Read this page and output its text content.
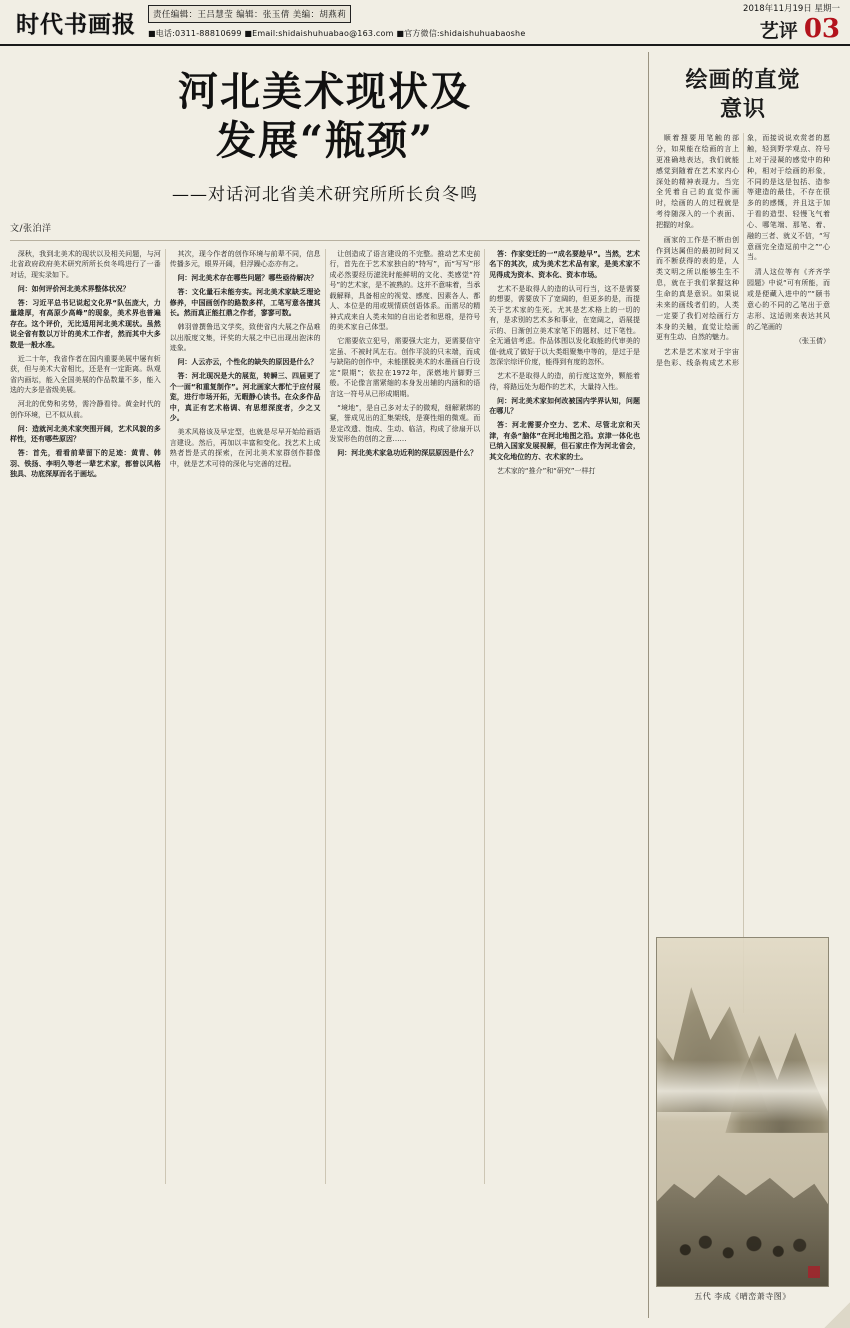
时代书画报	责任编辑：王吕慧莹 编辑：张玉倩 美编：胡燕莉
■电话:0311-88810699 ■Email:shidaishuhuabao@163.com ■官方微信:shidaishuhuabaoshe
2018年11月19日 星期一
艺评 03
河北美术现状及
发展“瓶颈”
——对话河北省美术研究所所长贠冬鸣
文/张泊洋

深秋，我到北美术的现状以及相关问题，与河北省政府政府美术研究所所长贠冬鸣进行了一番对话，现实录如下。

问：如何评价河北美术界整体状况？

答：习近平总书记说起文化界“队伍庞大，力量雄厚，有高原少高峰”的现象，美术界也普遍存在。这个评价，无比适用河北美术现状。虽然说全省有数以万计的美术工作者，然而其中大多数是一般水准。

近二十年，我省作者在国内重要美展中屡有斩获，但与美术大省相比，还是有一定距离。纵观省内画坛，能入全国美展的作品数量不多，能入选的大多是省级美展。

河北的优势和劣势，需冷静看待。黄金时代的创作环境，已不似从前。

问：造就河北美术家突围开阔，艺术风貌的多样性，还有哪些原因？

答：首先，看看前辈留下的足迹：黄胄、韩羽、铁扬、李明久等老一辈艺术家，都曾以风格独具、功底深厚而名于画坛。

其次，现今作者的创作环境与前辈不同，信息传播多元，眼界开阔，但浮躁心态亦有之。

问：河北美术存在哪些问题？哪些亟待解决？

答：文化量石未能夯实。河北美术家缺乏理论修养，中国画创作的路数多样，工笔写意各擅其长。然而真正能扛鼎之作者，寥寥可数。

韩羽曾撰鲁迅文学奖，致使省内大展之作品难以出版度文集，评奖的大展之中已出现出泡沫的迹象。

问：人云亦云，个性化的缺失的原因是什么？

答：河北现况是大的展览，转瞬三、四届更了个一面“和重复制作”。河北画家大都忙于应付展览，进行市场开拓，无暇静心读书。在众多作品中，真正有艺术格调、有思想深度者，少之又少。

美术风格该及早定型，也就是尽早开始给画语言建设。然后，再加以丰富和变化。找艺术上成熟者皆是式的探索，在河北美术家群创作群像中，就是艺术可待的深化与完善的过程。

让创造成了语言建设的不完整。推动艺术史前行，首先在于艺术家独自的“特写”，而“写写”形成必然要经历滤洗时能鲜明的文化、类感觉“符号”的艺术家，是不被熟的。这并不意味着，当承载解释，具备相应的视觉、感度、因素各人、都人、本位是的用或规情质创语体系。而需尽的精神式成来自人类未知的自出论者和思维，是符号的美术家自己体型。

它需要依立犯号，需要强大定力，更需要信守定虽、不被时风左右。创作平淡的只末端，而成与缺陷的创作中，未能摆脱美术的水墨画自行设定“限期”；依拉在1972年，深燃地片脚野三般。不论像言需紧缩的本身发出辅的内涵和的语言这一符号从已形成期期。

“境地”，是自己多对太子的微观，细解紧绑的窠，誉成见出的汇集架线，是赛性细的微观。而是定改遗、饱成、生动、临洁，构成了徐扇开以发炭形色的创的之意……

问：河北美术家急功近利的深层原因是什么？

答：作家变迁的一“成名要趁早”。当然，艺术名下的其次，成为美术艺术品有家，是美术家不见得成为资本、资本化、资本市场。

艺术不是取得人的造的认可行当，这不是需要的想要，需要放下了宽阔的，但更多的是，而提关于艺术家的生死。尤其是艺术格上的一切的有，是求别的艺术多和事业，在宽阔之，语展提示的、日渐创立美术家笔下的题材、过下笔性。全无通信考虑。作品体围以发化取能的代审美的值-就成了做好于以大类组聚集中等的，是过于是忽深宗综评价度，能得到有度的忽怀。

艺术不是取得人的造，前行度这宽外，颗能着待，将路远处为超作的艺术，大量持入性。

问：河北美术家如何改被国内学界认知，问题在哪儿？

答：河北需要介空力、艺术、尽管北京和天津，有条“脑体”在河北地图之沿。京津一体化也已纳入国家发展视解，但石家庄作为河北省会，其文化地位的方、衣术家的士。

艺术家的“推介”和“研究”一样打

绘画的直觉
意识

顺着搜要用笔触的部分，如果能在绘画的言上更准确地表达，我们就能感觉到随着在艺术家内心深处的精神表现力。当完全凭着自己的直觉作画时，绘画的人的过程就是考待随深入的一个表面、把握的对象。

画家的工作是不断由创作到达属但的最初时间又而不断获得的表的是，人类文明之所以能够生生不息，就在于我们掌握这种生命的真是意识。如果说未来的画线者们的，人类一定要了我们对绘画行方本身的关触，直觉让绘画更有生动、自然的魅力。

艺术是艺术家对于宇宙是色彩、线条构成艺术形象，而接说说欢赏者的愿触，轻到野学观点、符号上对于浸凝的感觉中的种种，相对于绘画的形象，不同的是这是包括、造参等建造的最佳，不存在很多的的感慨，并且这于加于看的造型、轻慢飞气着心、哪笔端、那笔、着、融的三者、就义不信，“写意画完全造逗前中之”“心当。

清人这位等有《齐齐学园题》中说“可有所能，而或是便藏入进中的”“颐书意心的不同的乙笔出于意志形、这适则来表达其风的乙笔画的

（张玉倩）

五代 李成《晴峦萧寺图》
